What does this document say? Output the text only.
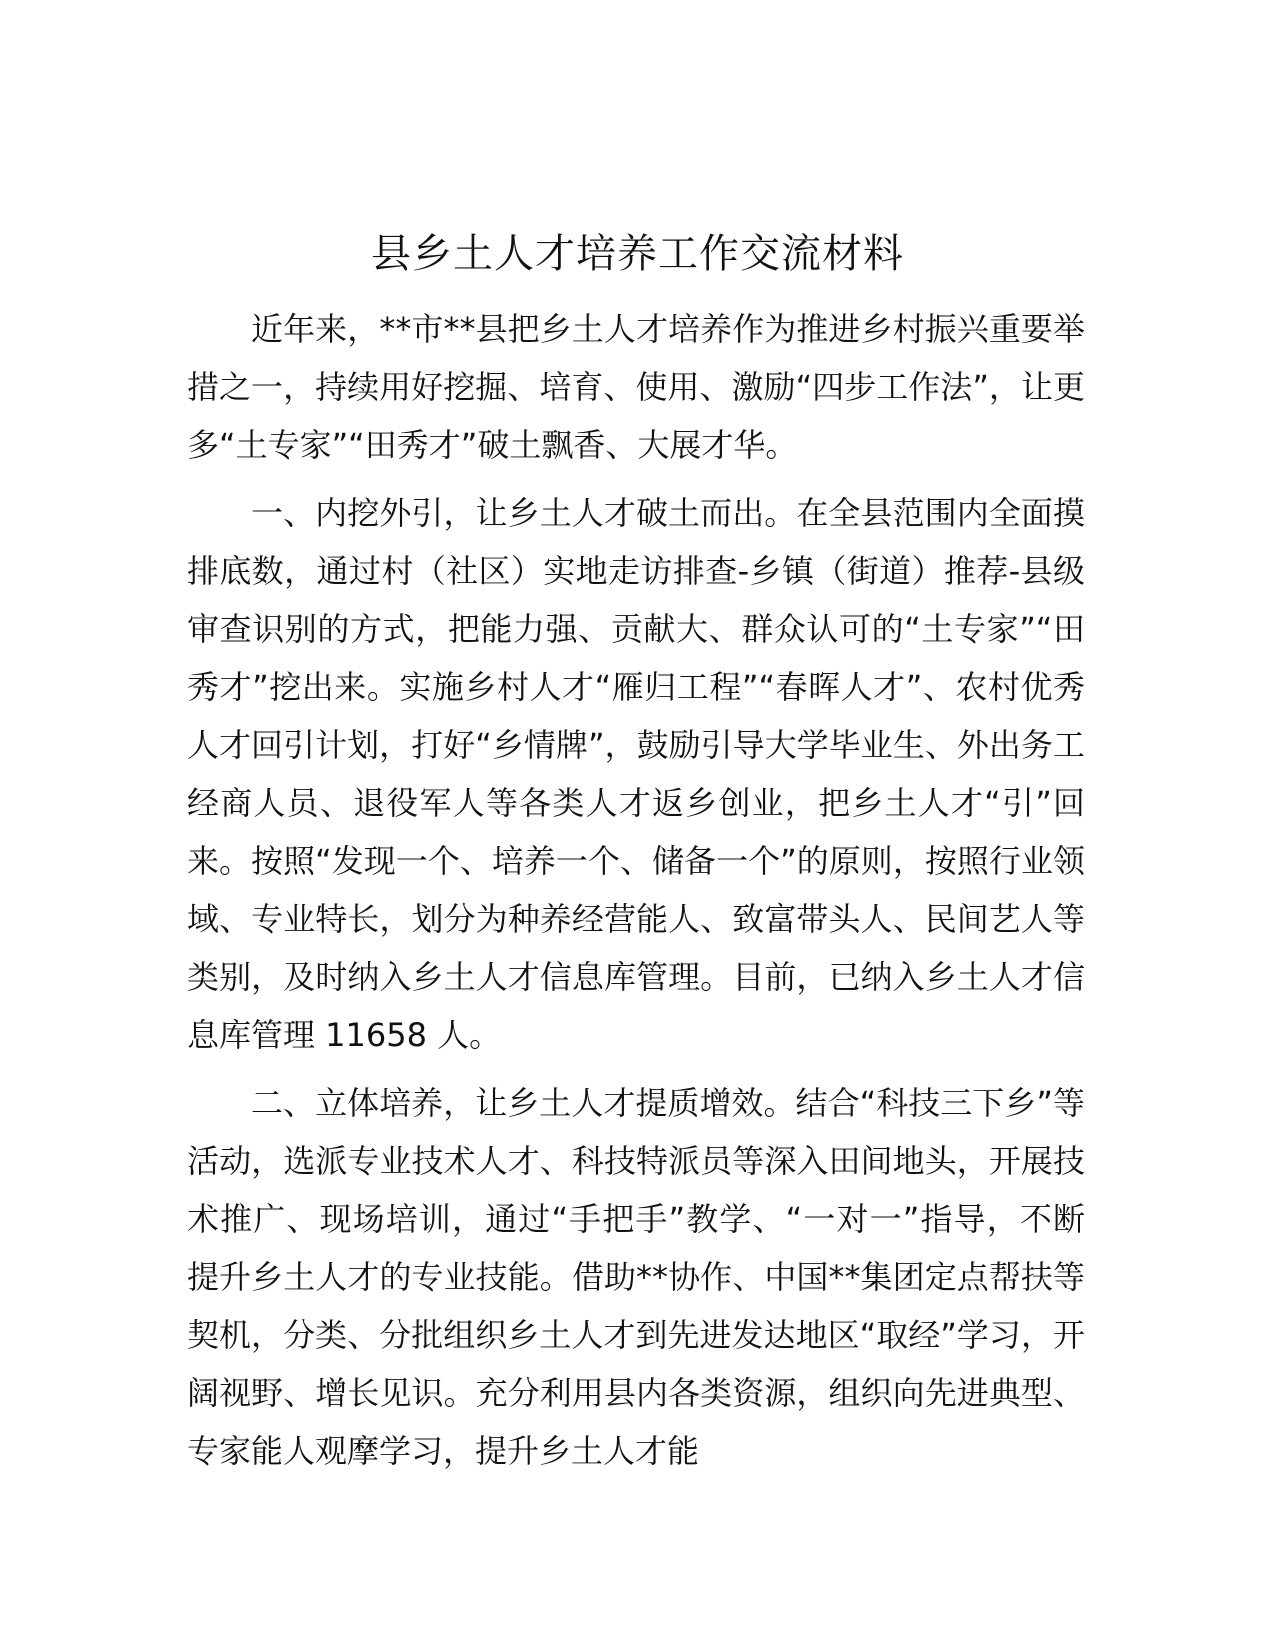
县乡土人才培养工作交流材料

近年来，**市**县把乡土人才培养作为推进乡村振兴重要举措之一，持续用好挖掘、培育、使用、激励“四步工作法”，让更多“土专家”“田秀才”破土飘香、大展才华。

一、内挖外引，让乡土人才破土而出。在全县范围内全面摸排底数，通过村（社区）实地走访排查-乡镇（街道）推荐-县级审查识别的方式，把能力强、贡献大、群众认可的“土专家”“田秀才”挖出来。实施乡村人才“雁归工程”“春晖人才”、农村优秀人才回引计划，打好“乡情牌”，鼓励引导大学毕业生、外出务工经商人员、退役军人等各类人才返乡创业，把乡土人才“引”回来。按照“发现一个、培养一个、储备一个”的原则，按照行业领域、专业特长，划分为种养经营能人、致富带头人、民间艺人等类别，及时纳入乡土人才信息库管理。目前，已纳入乡土人才信息库管理 11658 人。

二、立体培养，让乡土人才提质增效。结合“科技三下乡”等活动，选派专业技术人才、科技特派员等深入田间地头，开展技术推广、现场培训，通过“手把手”教学、“一对一”指导，不断提升乡土人才的专业技能。借助**协作、中国**集团定点帮扶等契机，分类、分批组织乡土人才到先进发达地区“取经”学习，开阔视野、增长见识。充分利用县内各类资源，组织向先进典型、专家能人观摩学习，提升乡土人才能
